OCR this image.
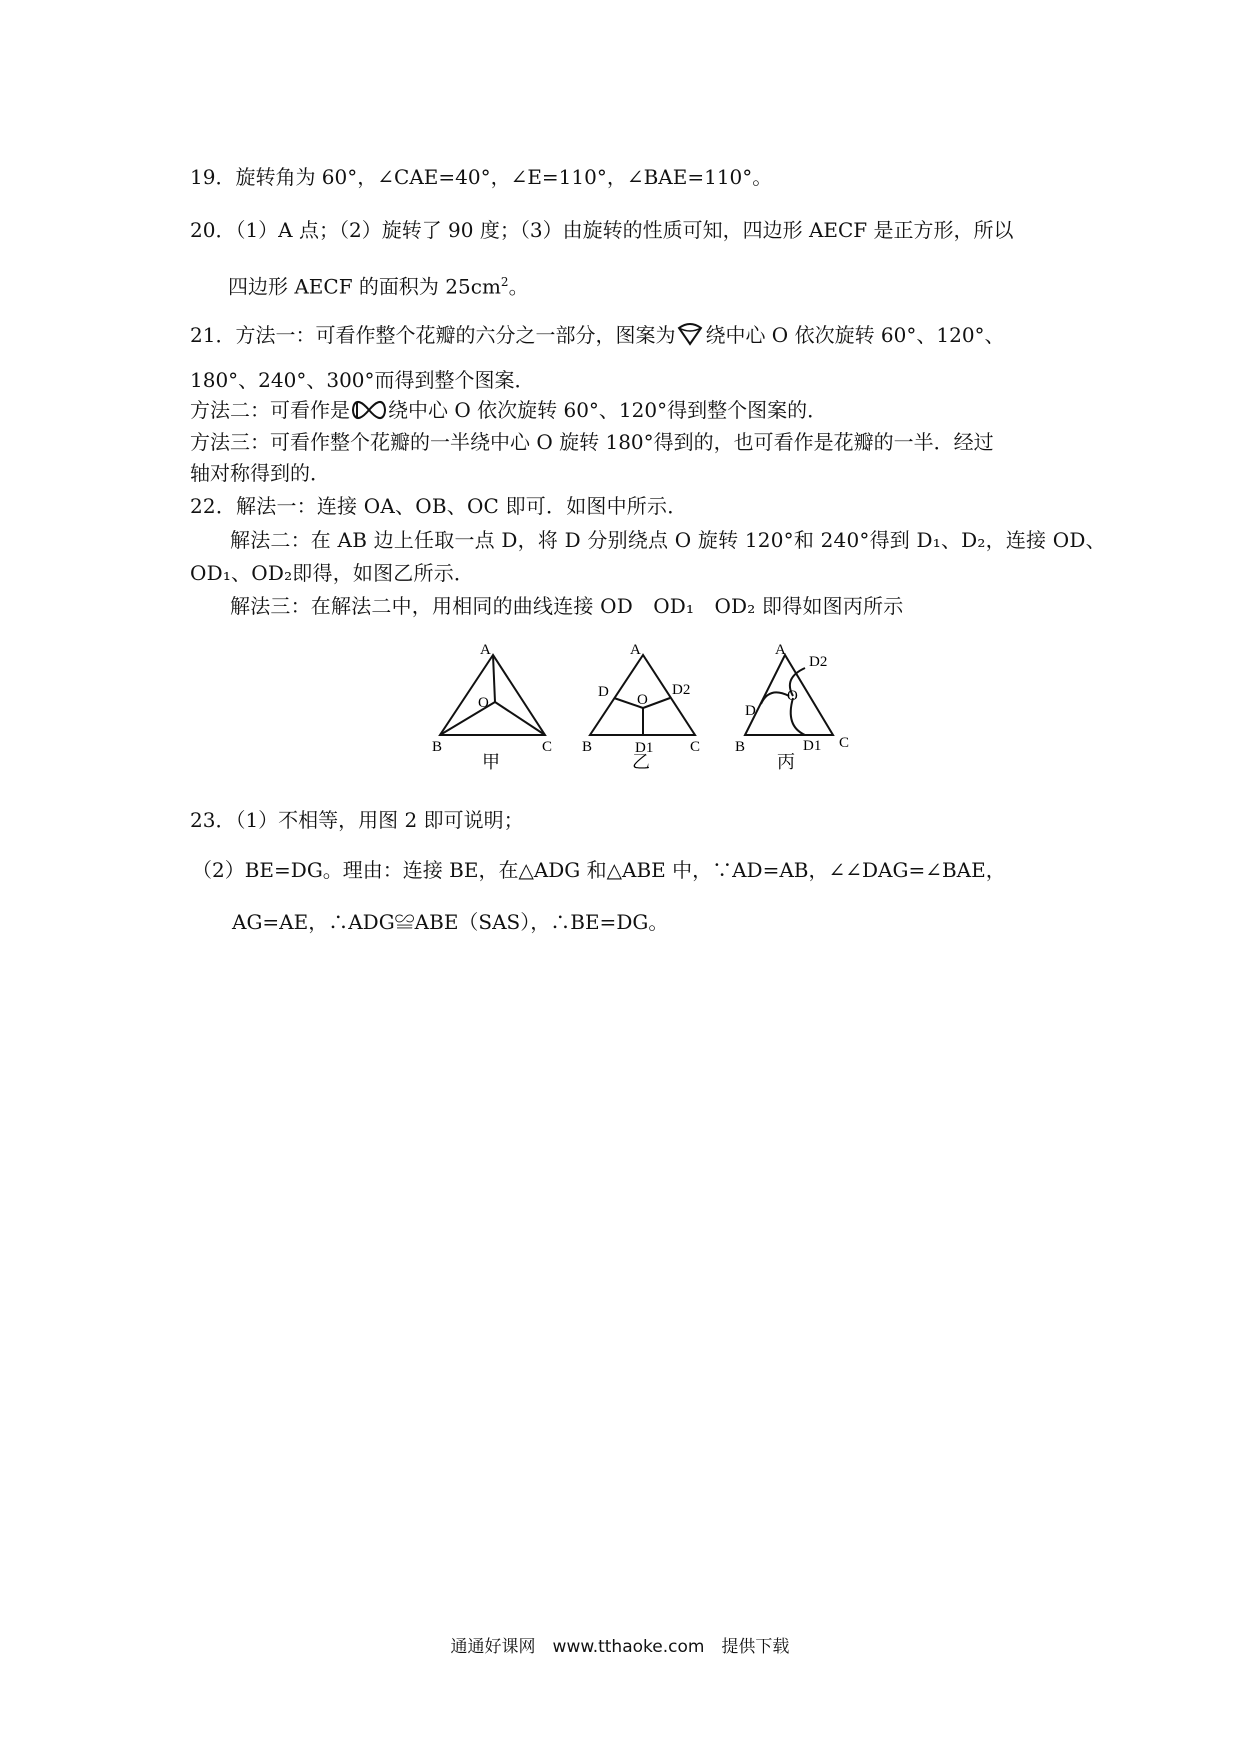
19．旋转角为 60°，∠CAE=40°，∠E=110°，∠BAE=110°。
20．（1）A 点；（2）旋转了 90 度；（3）由旋转的性质可知，四边形 AECF 是正方形，所以
四边形 AECF 的面积为 $25cm^2$。
21．方法一：可看作整个花瓣的六分之一部分，图案为 绕中心 O 依次旋转 60°、120°、
180°、240°、300°而得到整个图案．
方法二：可看作是 绕中心 O 依次旋转 60°、120°得到整个图案的．
方法三：可看作整个花瓣的一半绕中心 O 旋转 180°得到的，也可看作是花瓣的一半．经过
轴对称得到的．
22．解法一：连接 OA、OB、OC 即可．如图中所示．
解法二：在 AB 边上任取一点 D，将 D 分别绕点 O 旋转 120°和 240°得到 D₁、D₂，连接 OD、
OD₁、OD₂即得，如图乙所示．
解法三：在解法二中，用相同的曲线连接 OD　OD₁　OD₂ 即得如图丙所示
A
O
B	C
甲
A
O
D	D2
D1
B	C
乙
A
O
D
D2
D1
B	C
丙
23．（1）不相等，用图 2 即可说明；
（2）BE=DG。理由：连接 BE，在△ADG 和△ABE 中，∵AD=AB，∠∠DAG=∠BAE，
AG=AE，∴ADG≌ABE（SAS），∴BE=DG。
通通好课网　www.tthaoke.com　提供下载
